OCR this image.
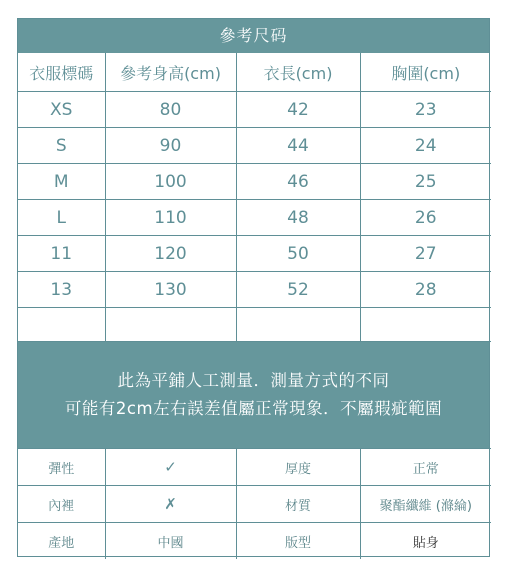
參考尺码
衣服標碼	參考身高(cm)	衣長(cm)	胸圍(cm)
XS	80	42	23
S	90	44	24
M	100	46	25
L	110	48	26
11	120	50	27
13	130	52	28

此為平鋪人工測量．測量方式的不同
可能有2cm左右誤差值屬正常現象．不屬瑕疵範圍
彈性	✓	厚度	正常
內裡	✗	材質	聚酯纖維 (滌綸)
產地	中國	版型	貼身
